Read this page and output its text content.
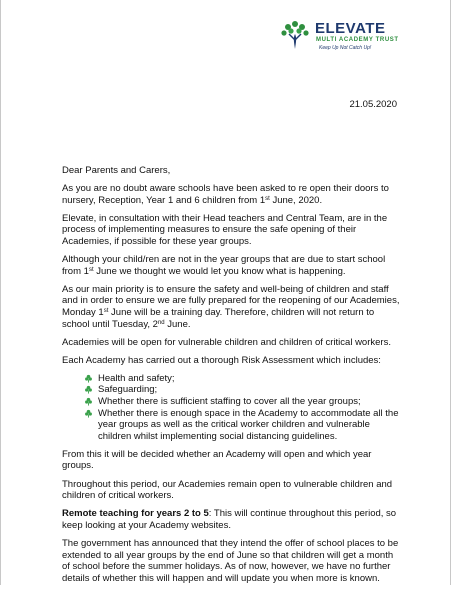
ELEVATE
MULTI ACADEMY TRUST
Keep Up Not Catch Up!
21.05.2020

Dear Parents and Carers,

As you are no doubt aware schools have been asked to re open their doors to nursery, Reception, Year 1 and 6 children from 1st June, 2020.

Elevate, in consultation with their Head teachers and Central Team, are in the process of implementing measures to ensure the safe opening of their Academies, if possible for these year groups.

Although your child/ren are not in the year groups that are due to start school from 1st June we thought we would let you know what is happening.

As our main priority is to ensure the safety and well-being of children and staff and in order to ensure we are fully prepared for the reopening of our Academies, Monday 1st June will be a training day. Therefore, children will not return to school until Tuesday, 2nd June.

Academies will be open for vulnerable children and children of critical workers.

Each Academy has carried out a thorough Risk Assessment which includes:

Health and safety;
Safeguarding;
Whether there is sufficient staffing to cover all the year groups;
Whether there is enough space in the Academy to accommodate all the year groups as well as the critical worker children and vulnerable children whilst implementing social distancing guidelines.

From this it will be decided whether an Academy will open and which year groups.

Throughout this period, our Academies remain open to vulnerable children and children of critical workers.

Remote teaching for years 2 to 5: This will continue throughout this period, so keep looking at your Academy websites.

The government has announced that they intend the offer of school places to be extended to all year groups by the end of June so that children will get a month of school before the summer holidays. As of now, however, we have no further details of whether this will happen and will update you when more is known.
